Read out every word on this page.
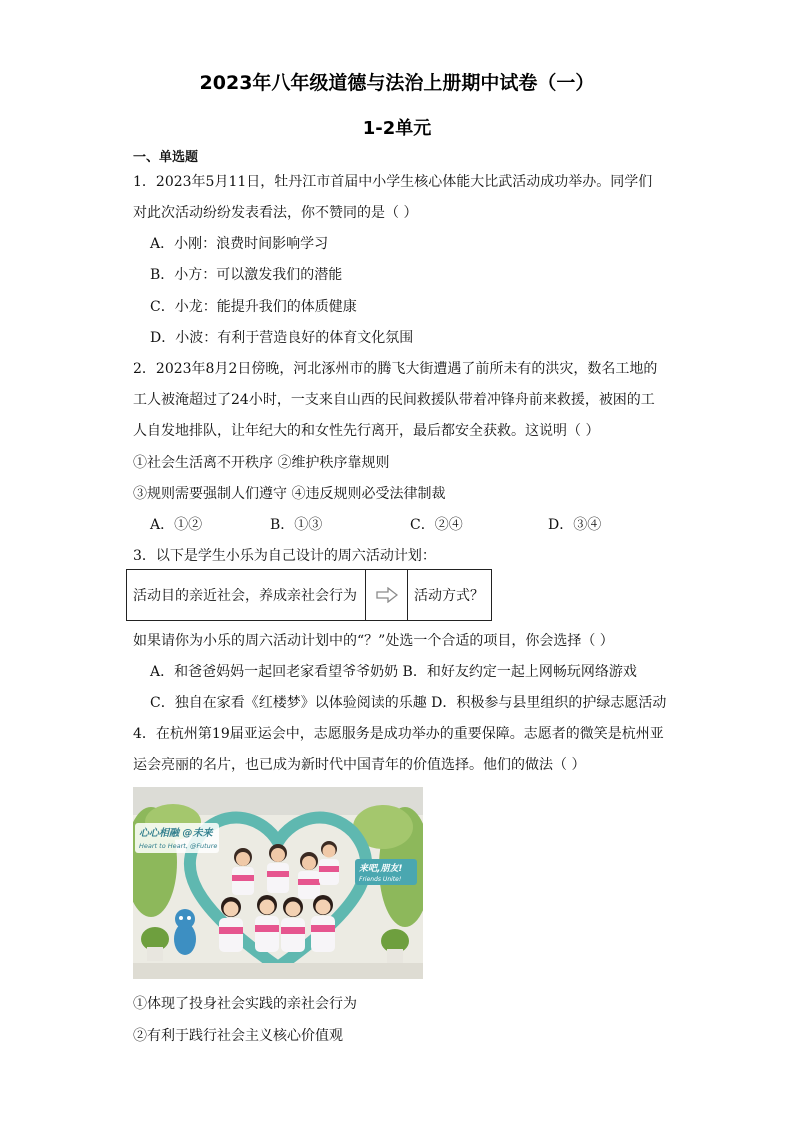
2023年八年级道德与法治上册期中试卷（一）
1-2单元
一、单选题
1．2023年5月11日，牡丹江市首届中小学生核心体能大比武活动成功举办。同学们
对此次活动纷纷发表看法，你不赞同的是（ ）
A．小刚：浪费时间影响学习
B．小方：可以激发我们的潜能
C．小龙：能提升我们的体质健康
D．小波：有利于营造良好的体育文化氛围
2．2023年8月2日傍晚，河北涿州市的腾飞大街遭遇了前所未有的洪灾，数名工地的
工人被淹超过了24小时，一支来自山西的民间救援队带着冲锋舟前来救援，被困的工
人自发地排队，让年纪大的和女性先行离开，最后都安全获救。这说明（ ）
①社会生活离不开秩序 ②维护秩序靠规则
③规则需要强制人们遵守 ④违反规则必受法律制裁
A．①②	B．①③	C．②④	D．③④
3．以下是学生小乐为自己设计的周六活动计划：
活动目的亲近社会，养成亲社会行为	活动方式？
如果请你为小乐的周六活动计划中的“？”处选一个合适的项目，你会选择（ ）
A．和爸爸妈妈一起回老家看望爷爷奶奶 B．和好友约定一起上网畅玩网络游戏
C．独自在家看《红楼梦》以体验阅读的乐趣 D．积极参与县里组织的护绿志愿活动
4．在杭州第19届亚运会中，志愿服务是成功举办的重要保障。志愿者的微笑是杭州亚
运会亮丽的名片，也已成为新时代中国青年的价值选择。他们的做法（ ）
心心相融 @未来
Heart to Heart, @Future
来吧,朋友!
Friends Unite!
①体现了投身社会实践的亲社会行为
②有利于践行社会主义核心价值观
